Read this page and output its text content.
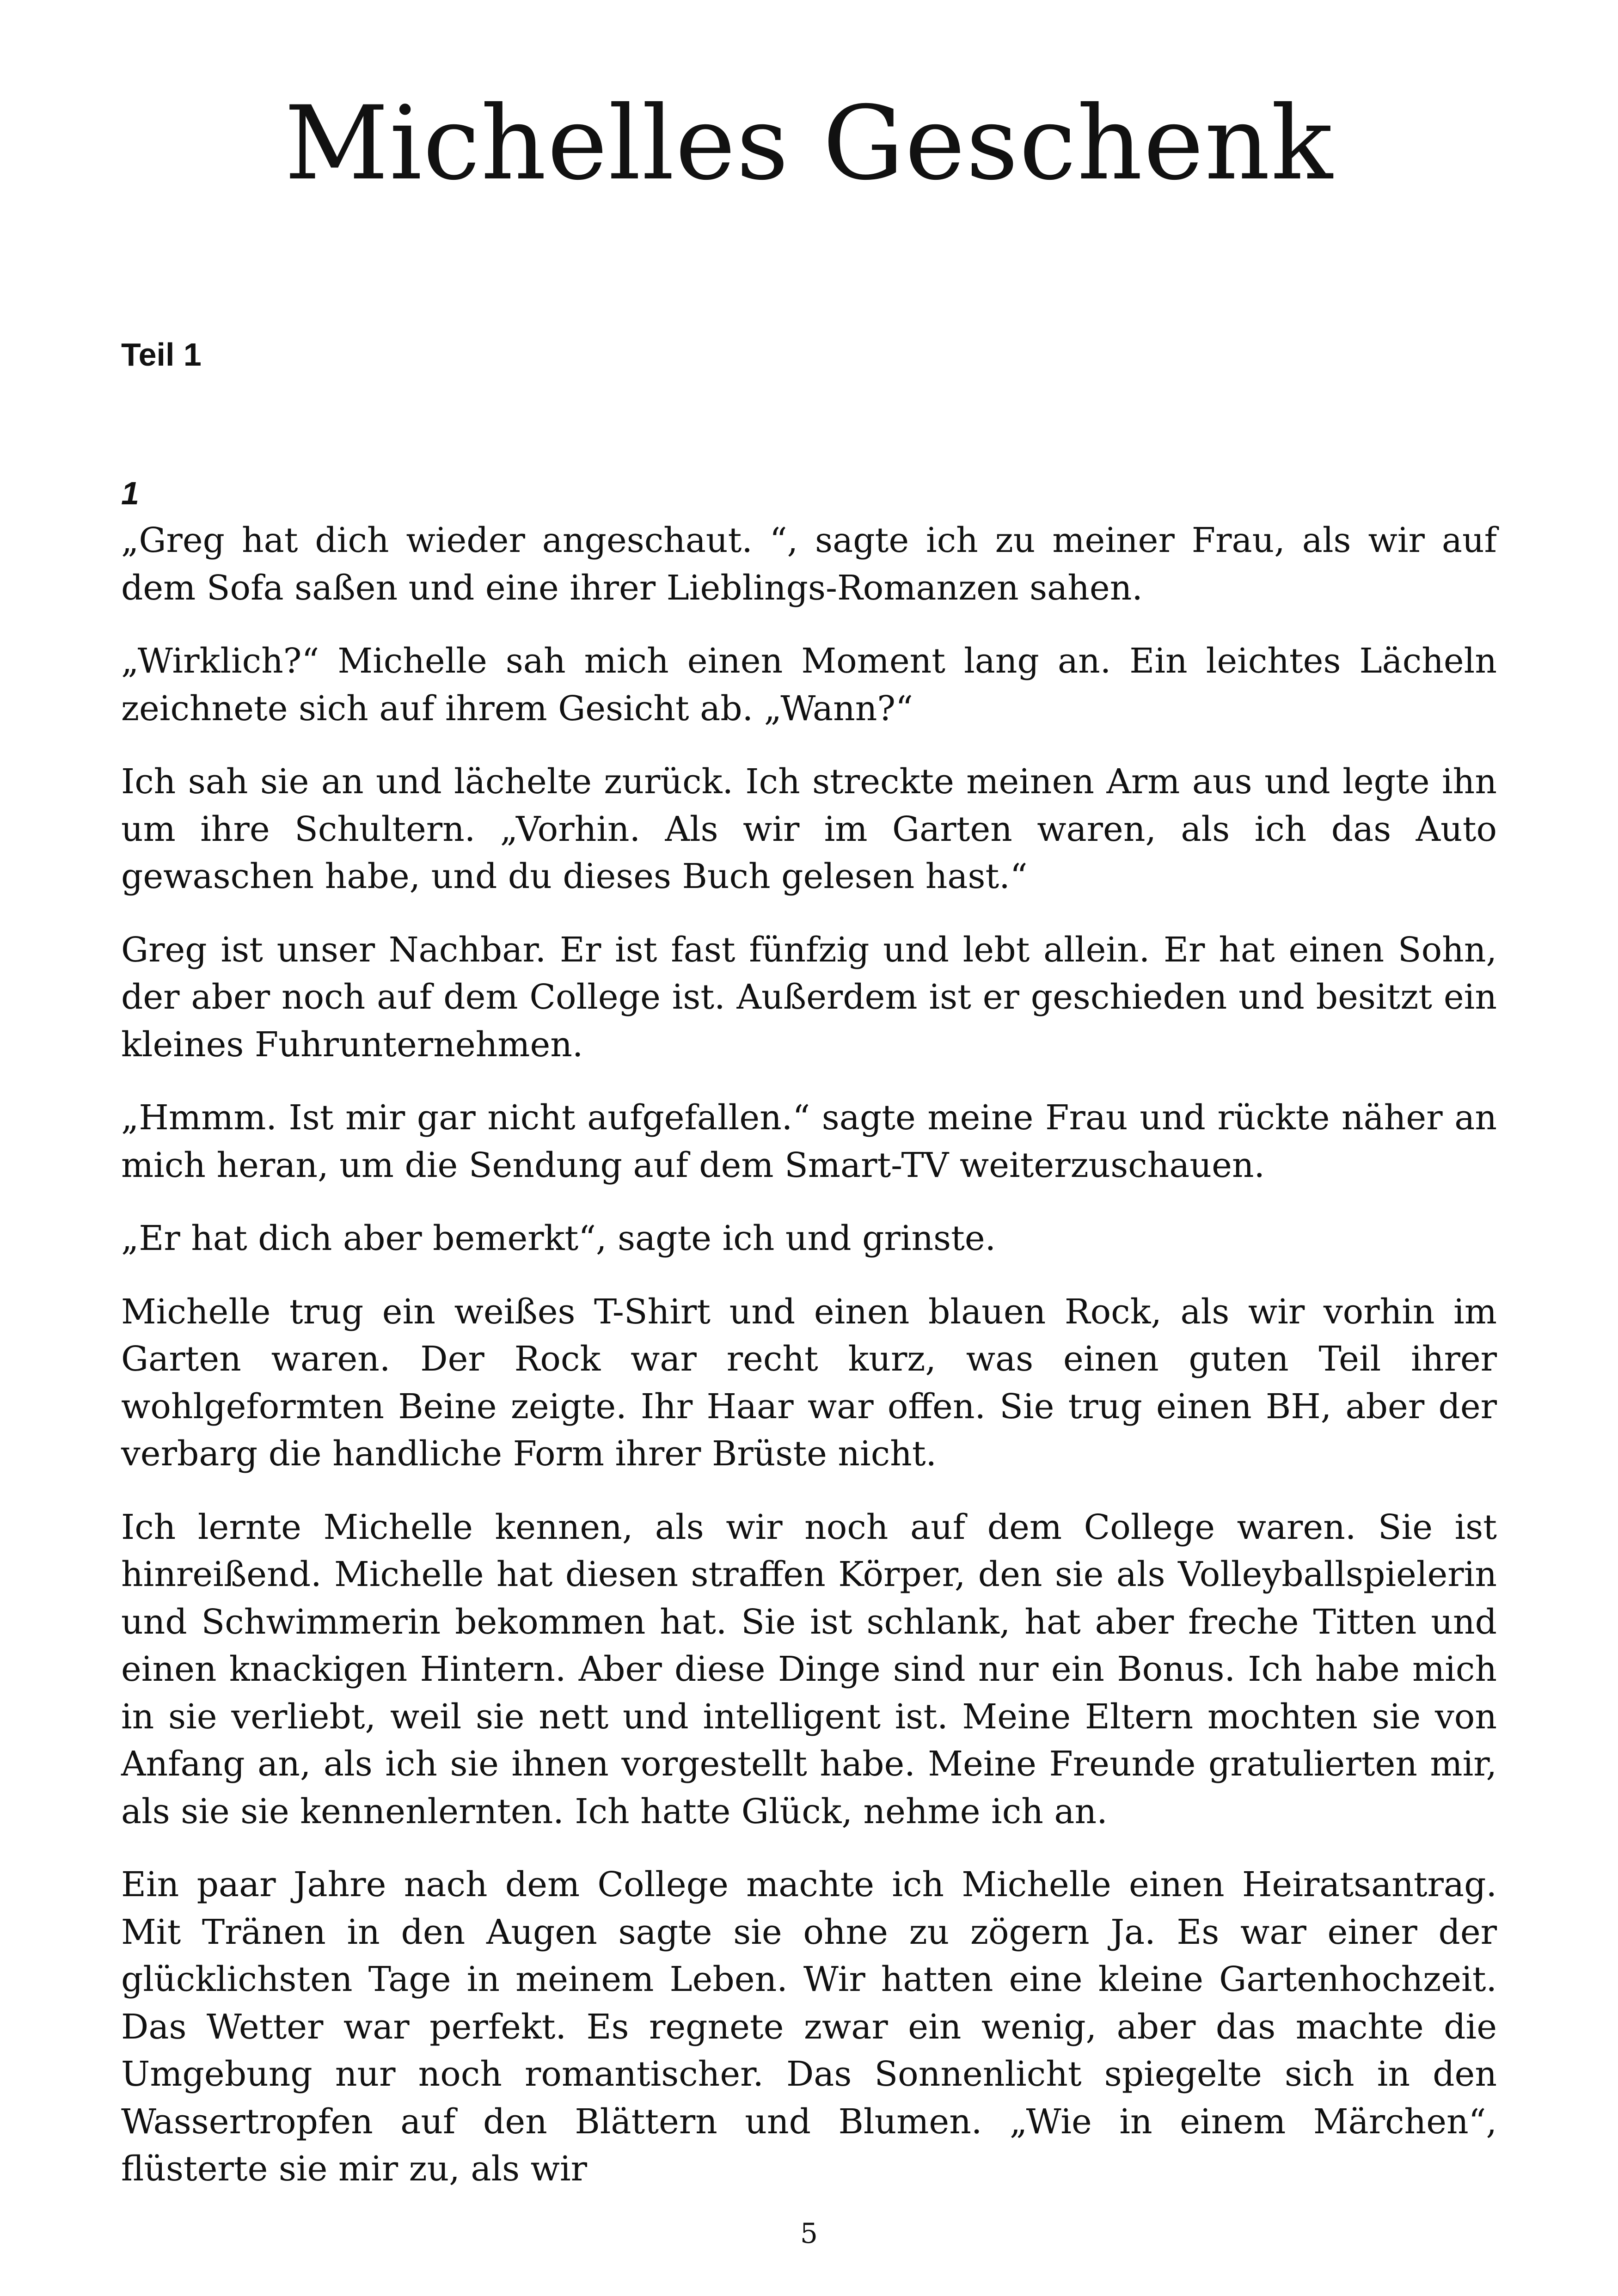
Michelles Geschenk
Teil 1
1

„Greg hat dich wieder angeschaut. “, sagte ich zu meiner Frau, als wir auf dem Sofa saßen und eine ihrer Lieblings-Romanzen sahen.

„Wirklich?“ Michelle sah mich einen Moment lang an. Ein leichtes Lächeln zeichnete sich auf ihrem Gesicht ab. „Wann?“

Ich sah sie an und lächelte zurück. Ich streckte meinen Arm aus und legte ihn um ihre Schultern. „Vorhin. Als wir im Garten waren, als ich das Auto gewaschen habe, und du dieses Buch gelesen hast.“

Greg ist unser Nachbar. Er ist fast fünfzig und lebt allein. Er hat einen Sohn, der aber noch auf dem College ist. Außerdem ist er geschieden und besitzt ein kleines Fuhrunternehmen.

„Hmmm. Ist mir gar nicht aufgefallen.“ sagte meine Frau und rückte näher an mich heran, um die Sendung auf dem Smart-TV weiterzuschauen.

„Er hat dich aber bemerkt“, sagte ich und grinste.

Michelle trug ein weißes T-Shirt und einen blauen Rock, als wir vorhin im Garten waren. Der Rock war recht kurz, was einen guten Teil ihrer wohlgeformten Beine zeigte. Ihr Haar war offen. Sie trug einen BH, aber der verbarg die handliche Form ihrer Brüste nicht.

Ich lernte Michelle kennen, als wir noch auf dem College waren. Sie ist hinreißend. Michelle hat diesen straffen Körper, den sie als Volleyballspielerin und Schwimmerin bekommen hat. Sie ist schlank, hat aber freche Titten und einen knackigen Hintern. Aber diese Dinge sind nur ein Bonus. Ich habe mich in sie verliebt, weil sie nett und intelligent ist. Meine Eltern mochten sie von Anfang an, als ich sie ihnen vorgestellt habe. Meine Freunde gratulierten mir, als sie sie kennenlernten. Ich hatte Glück, nehme ich an.

Ein paar Jahre nach dem College machte ich Michelle einen Heiratsantrag. Mit Tränen in den Augen sagte sie ohne zu zögern Ja. Es war einer der glücklichsten Tage in meinem Leben. Wir hatten eine kleine Gartenhochzeit. Das Wetter war perfekt. Es regnete zwar ein wenig, aber das machte die Umgebung nur noch romantischer. Das Sonnenlicht spiegelte sich in den Wassertropfen auf den Blättern und Blumen. „Wie in einem Märchen“, flüsterte sie mir zu, als wir

5
